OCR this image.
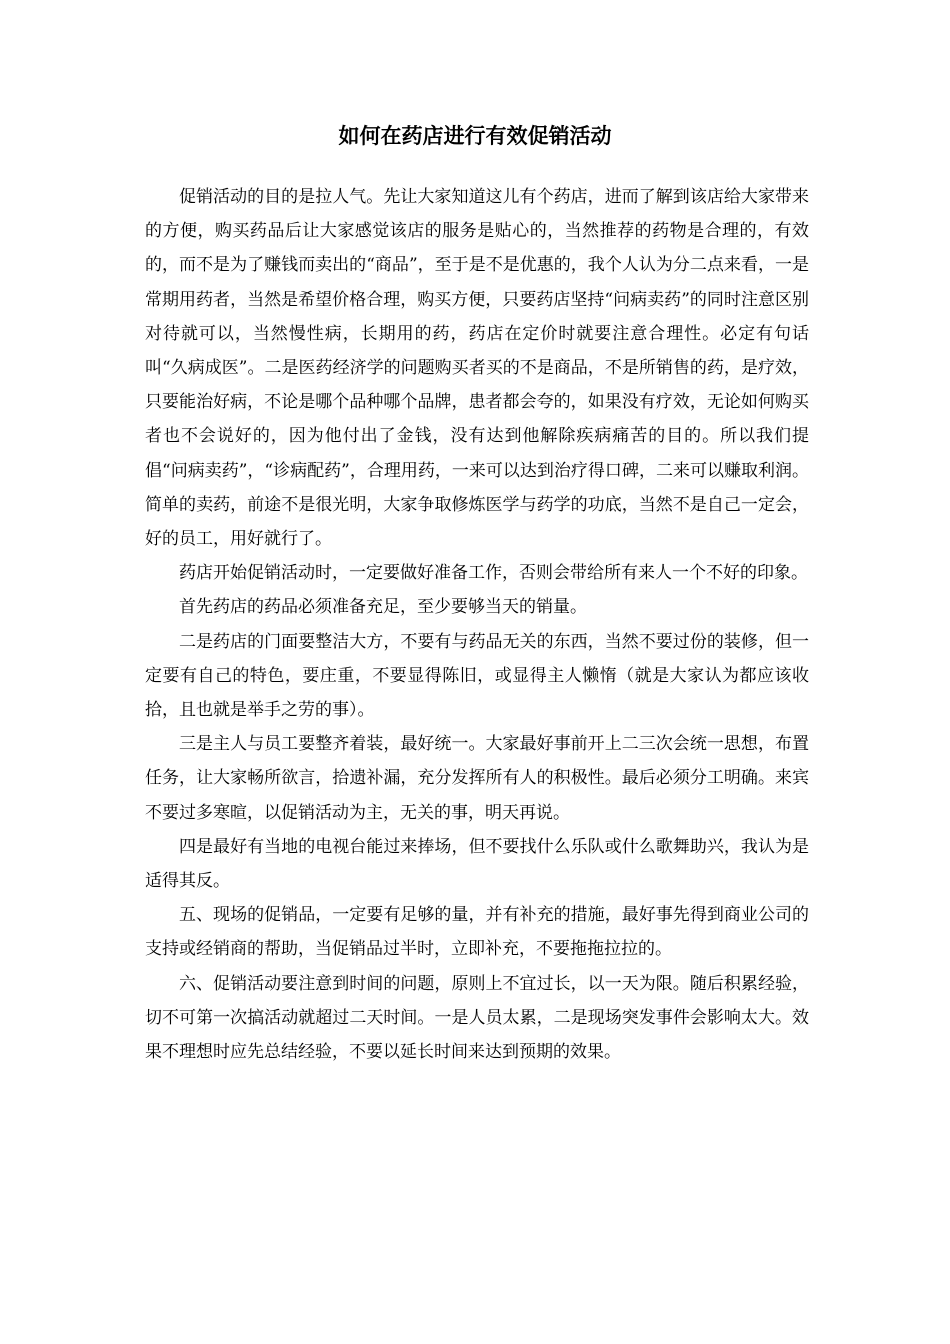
如何在药店进行有效促销活动

促销活动的目的是拉人气。先让大家知道这儿有个药店，进而了解到该店给大家带来的方便，购买药品后让大家感觉该店的服务是贴心的，当然推荐的药物是合理的，有效的，而不是为了赚钱而卖出的“商品”，至于是不是优惠的，我个人认为分二点来看，一是常期用药者，当然是希望价格合理，购买方便，只要药店坚持“问病卖药”的同时注意区别对待就可以，当然慢性病，长期用的药，药店在定价时就要注意合理性。必定有句话叫“久病成医”。二是医药经济学的问题购买者买的不是商品，不是所销售的药，是疗效，只要能治好病，不论是哪个品种哪个品牌，患者都会夸的，如果没有疗效，无论如何购买者也不会说好的，因为他付出了金钱，没有达到他解除疾病痛苦的目的。所以我们提倡“问病卖药”，“诊病配药”，合理用药，一来可以达到治疗得口碑，二来可以赚取利润。简单的卖药，前途不是很光明，大家争取修炼医学与药学的功底，当然不是自己一定会，好的员工，用好就行了。

药店开始促销活动时，一定要做好准备工作，否则会带给所有来人一个不好的印象。

首先药店的药品必须准备充足，至少要够当天的销量。

二是药店的门面要整洁大方，不要有与药品无关的东西，当然不要过份的装修，但一定要有自己的特色，要庄重，不要显得陈旧，或显得主人懒惰（就是大家认为都应该收拾，且也就是举手之劳的事）。

三是主人与员工要整齐着装，最好统一。大家最好事前开上二三次会统一思想，布置任务，让大家畅所欲言，拾遗补漏，充分发挥所有人的积极性。最后必须分工明确。来宾不要过多寒暄，以促销活动为主，无关的事，明天再说。

四是最好有当地的电视台能过来捧场，但不要找什么乐队或什么歌舞助兴，我认为是适得其反。

五、现场的促销品，一定要有足够的量，并有补充的措施，最好事先得到商业公司的支持或经销商的帮助，当促销品过半时，立即补充，不要拖拖拉拉的。

六、促销活动要注意到时间的问题，原则上不宜过长，以一天为限。随后积累经验，切不可第一次搞活动就超过二天时间。一是人员太累，二是现场突发事件会影响太大。效果不理想时应先总结经验，不要以延长时间来达到预期的效果。
